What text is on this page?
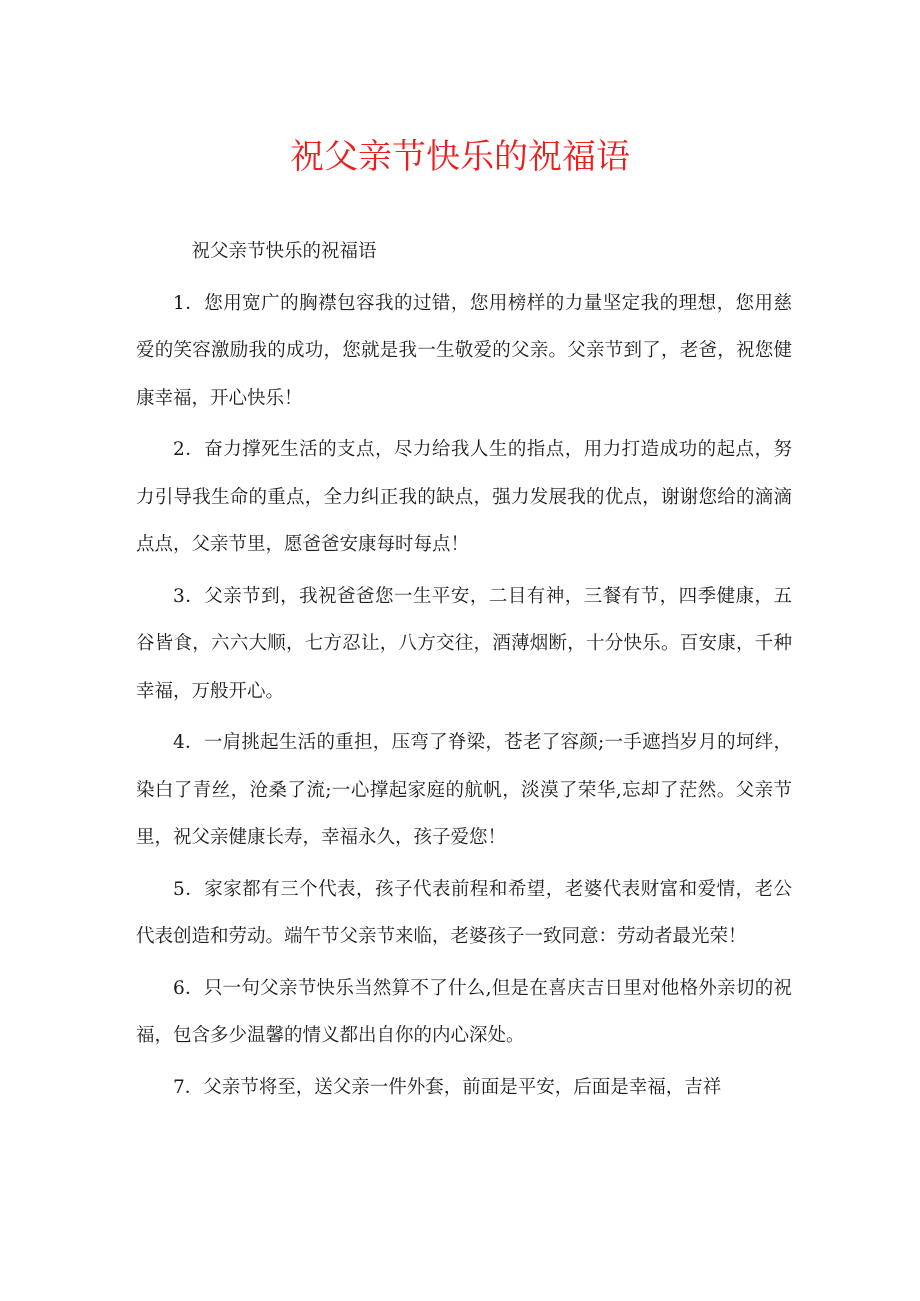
祝父亲节快乐的祝福语

祝父亲节快乐的祝福语

1．您用宽广的胸襟包容我的过错，您用榜样的力量坚定我的理想，您用慈爱的笑容激励我的成功，您就是我一生敬爱的父亲。父亲节到了，老爸，祝您健康幸福，开心快乐！

2．奋力撑死生活的支点，尽力给我人生的指点，用力打造成功的起点，努力引导我生命的重点，全力纠正我的缺点，强力发展我的优点，谢谢您给的滴滴点点，父亲节里，愿爸爸安康每时每点！

3．父亲节到，我祝爸爸您一生平安，二目有神，三餐有节，四季健康，五谷皆食，六六大顺，七方忍让，八方交往，酒薄烟断，十分快乐。百安康，千种幸福，万般开心。

4．一肩挑起生活的重担，压弯了脊梁，苍老了容颜;一手遮挡岁月的坷绊，染白了青丝，沧桑了流;一心撑起家庭的航帆，淡漠了荣华,忘却了茫然。父亲节里，祝父亲健康长寿，幸福永久，孩子爱您！

5．家家都有三个代表，孩子代表前程和希望，老婆代表财富和爱情，老公代表创造和劳动。端午节父亲节来临，老婆孩子一致同意：劳动者最光荣！

6．只一句父亲节快乐当然算不了什么,但是在喜庆吉日里对他格外亲切的祝福，包含多少温馨的情义都出自你的内心深处。

7．父亲节将至，送父亲一件外套，前面是平安，后面是幸福，吉祥
